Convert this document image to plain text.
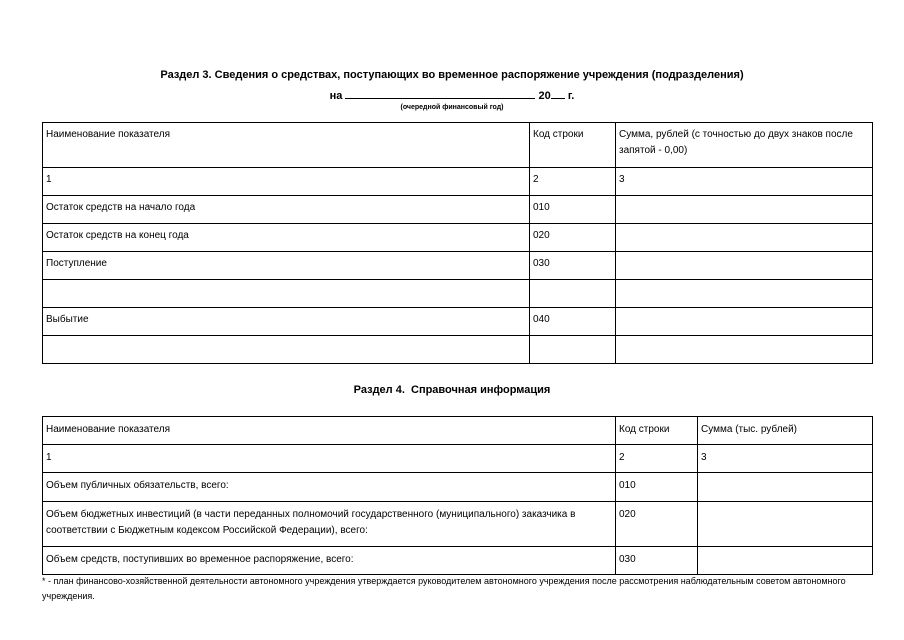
Раздел 3. Сведения о средствах, поступающих во временное распоряжение учреждения (подразделения)
на	20 г.
(очередной финансовый год)
Наименование показателя	Код строки	Сумма, рублей (с точностью до двух знаков после запятой - 0,00)
1	2	3
Остаток средств на начало года	010	
Остаток средств на конец года	020	
Поступление	030	

Выбытие	040	

Раздел 4.  Справочная информация
Наименование показателя	Код строки	Сумма (тыс. рублей)
1	2	3
Объем публичных обязательств, всего:	010	
Объем бюджетных инвестиций (в части переданных полномочий государственного (муниципального) заказчика в соответствии с Бюджетным кодексом Российской Федерации), всего:	020	
Объем средств, поступивших во временное распоряжение, всего:	030	
* - план финансово-хозяйственной деятельности автономного учреждения утверждается руководителем автономного учреждения после рассмотрения наблюдательным советом автономного учреждения.
